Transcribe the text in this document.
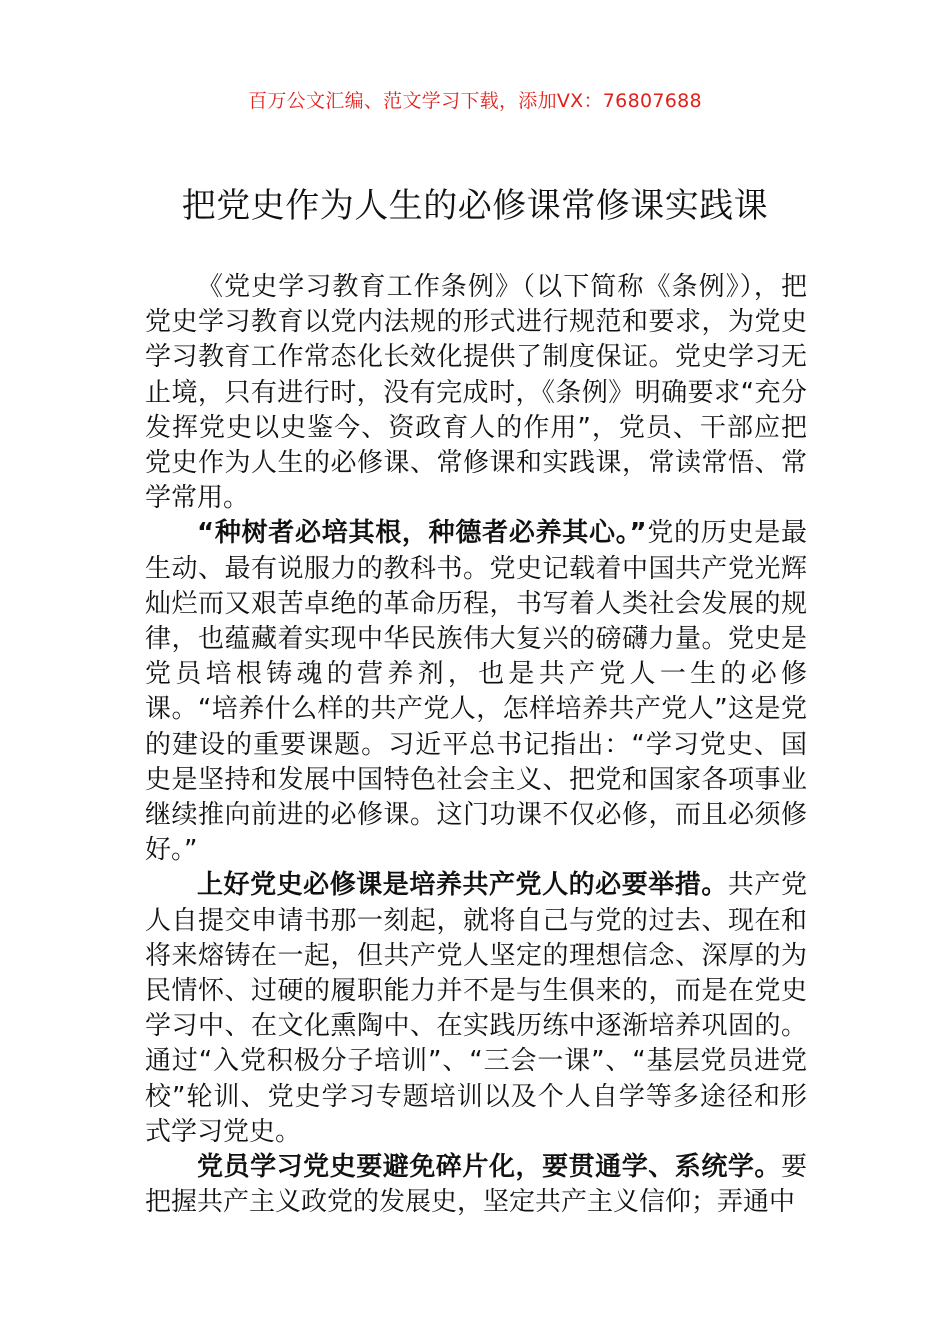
百万公文汇编、范文学习下载，添加VX：76807688
把党史作为人生的必修课常修课实践课

《党史学习教育工作条例》（以下简称《条例》），把党史学习教育以党内法规的形式进行规范和要求，为党史学习教育工作常态化长效化提供了制度保证。党史学习无止境，只有进行时，没有完成时，《条例》明确要求“充分发挥党史以史鉴今、资政育人的作用”，党员、干部应把党史作为人生的必修课、常修课和实践课，常读常悟、常学常用。

“种树者必培其根，种德者必养其心。”党的历史是最生动、最有说服力的教科书。党史记载着中国共产党光辉灿烂而又艰苦卓绝的革命历程，书写着人类社会发展的规律，也蕴藏着实现中华民族伟大复兴的磅礴力量。党史是党员培根铸魂的营养剂，也是共产党人一生的必修课。“培养什么样的共产党人，怎样培养共产党人”这是党的建设的重要课题。习近平总书记指出：“学习党史、国史是坚持和发展中国特色社会主义、把党和国家各项事业继续推向前进的必修课。这门功课不仅必修，而且必须修好。”

上好党史必修课是培养共产党人的必要举措。共产党人自提交申请书那一刻起，就将自己与党的过去、现在和将来熔铸在一起，但共产党人坚定的理想信念、深厚的为民情怀、过硬的履职能力并不是与生俱来的，而是在党史学习中、在文化熏陶中、在实践历练中逐渐培养巩固的。通过“入党积极分子培训”、“三会一课”、“基层党员进党校”轮训、党史学习专题培训以及个人自学等多途径和形式学习党史。

党员学习党史要避免碎片化，要贯通学、系统学。要把握共产主义政党的发展史，坚定共产主义信仰；弄通中
